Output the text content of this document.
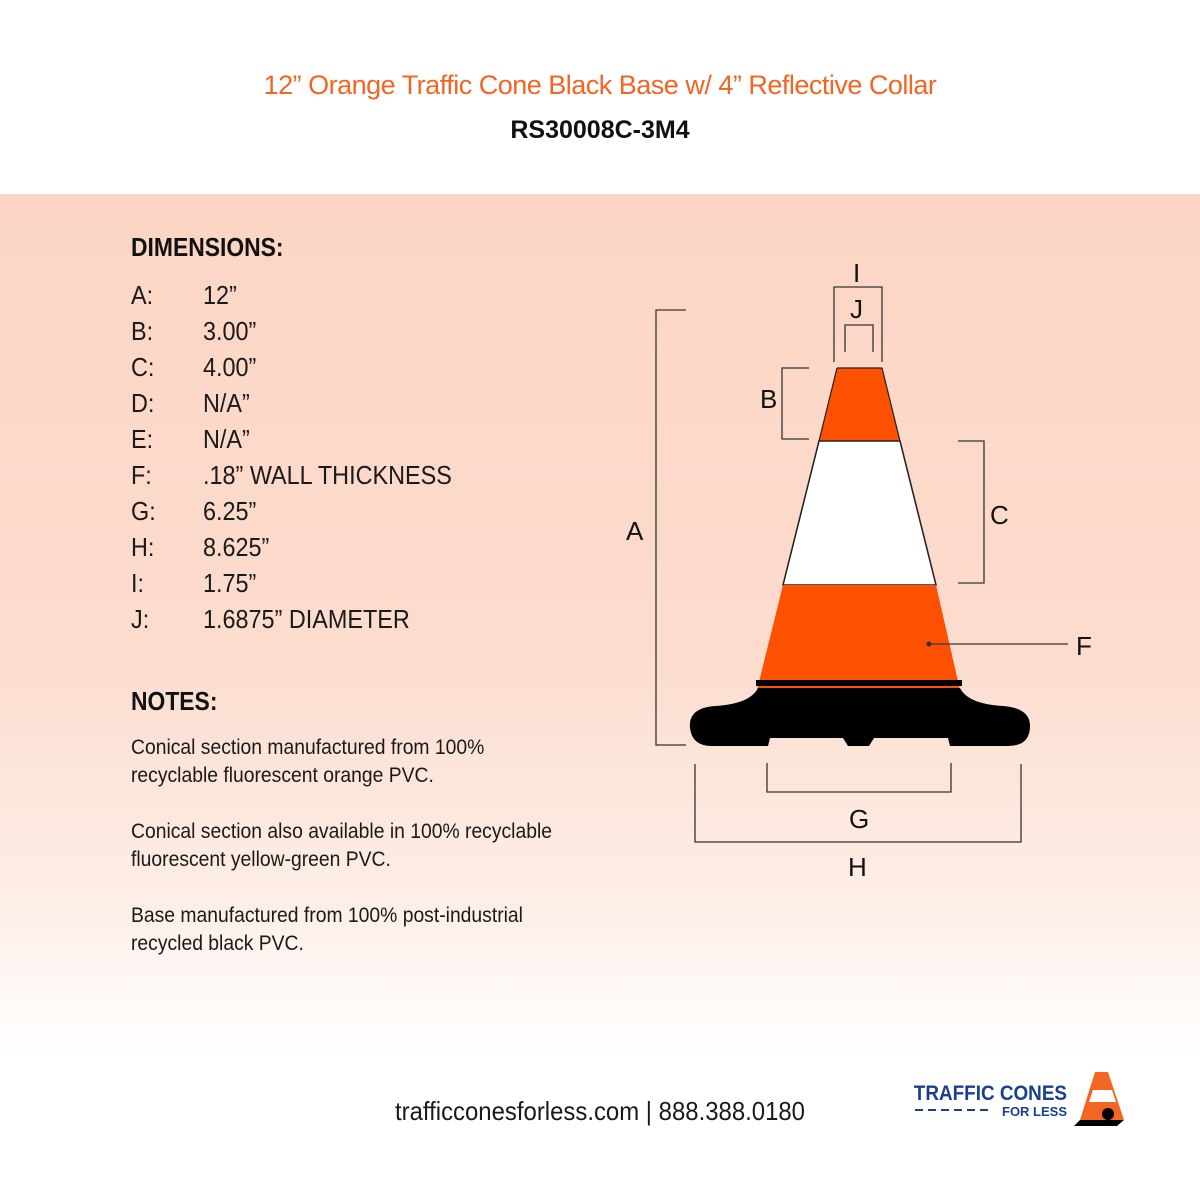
12” Orange Traffic Cone Black Base w/ 4” Reflective Collar
RS30008C-3M4
DIMENSIONS:
A: 12”
B: 3.00”
C: 4.00”
D: N/A”
E: N/A”
F: .18” WALL THICKNESS
G: 6.25”
H: 8.625”
I: 1.75”
J: 1.6875” DIAMETER
NOTES:
Conical section manufactured from 100% recyclable fluorescent orange PVC.
Conical section also available in 100% recyclable fluorescent yellow-green PVC.
Base manufactured from 100% post-industrial recycled black PVC.
A
B
C
F
I
J
G
H
trafficconesforless.com | 888.388.0180
TRAFFIC CONES
FOR LESS
